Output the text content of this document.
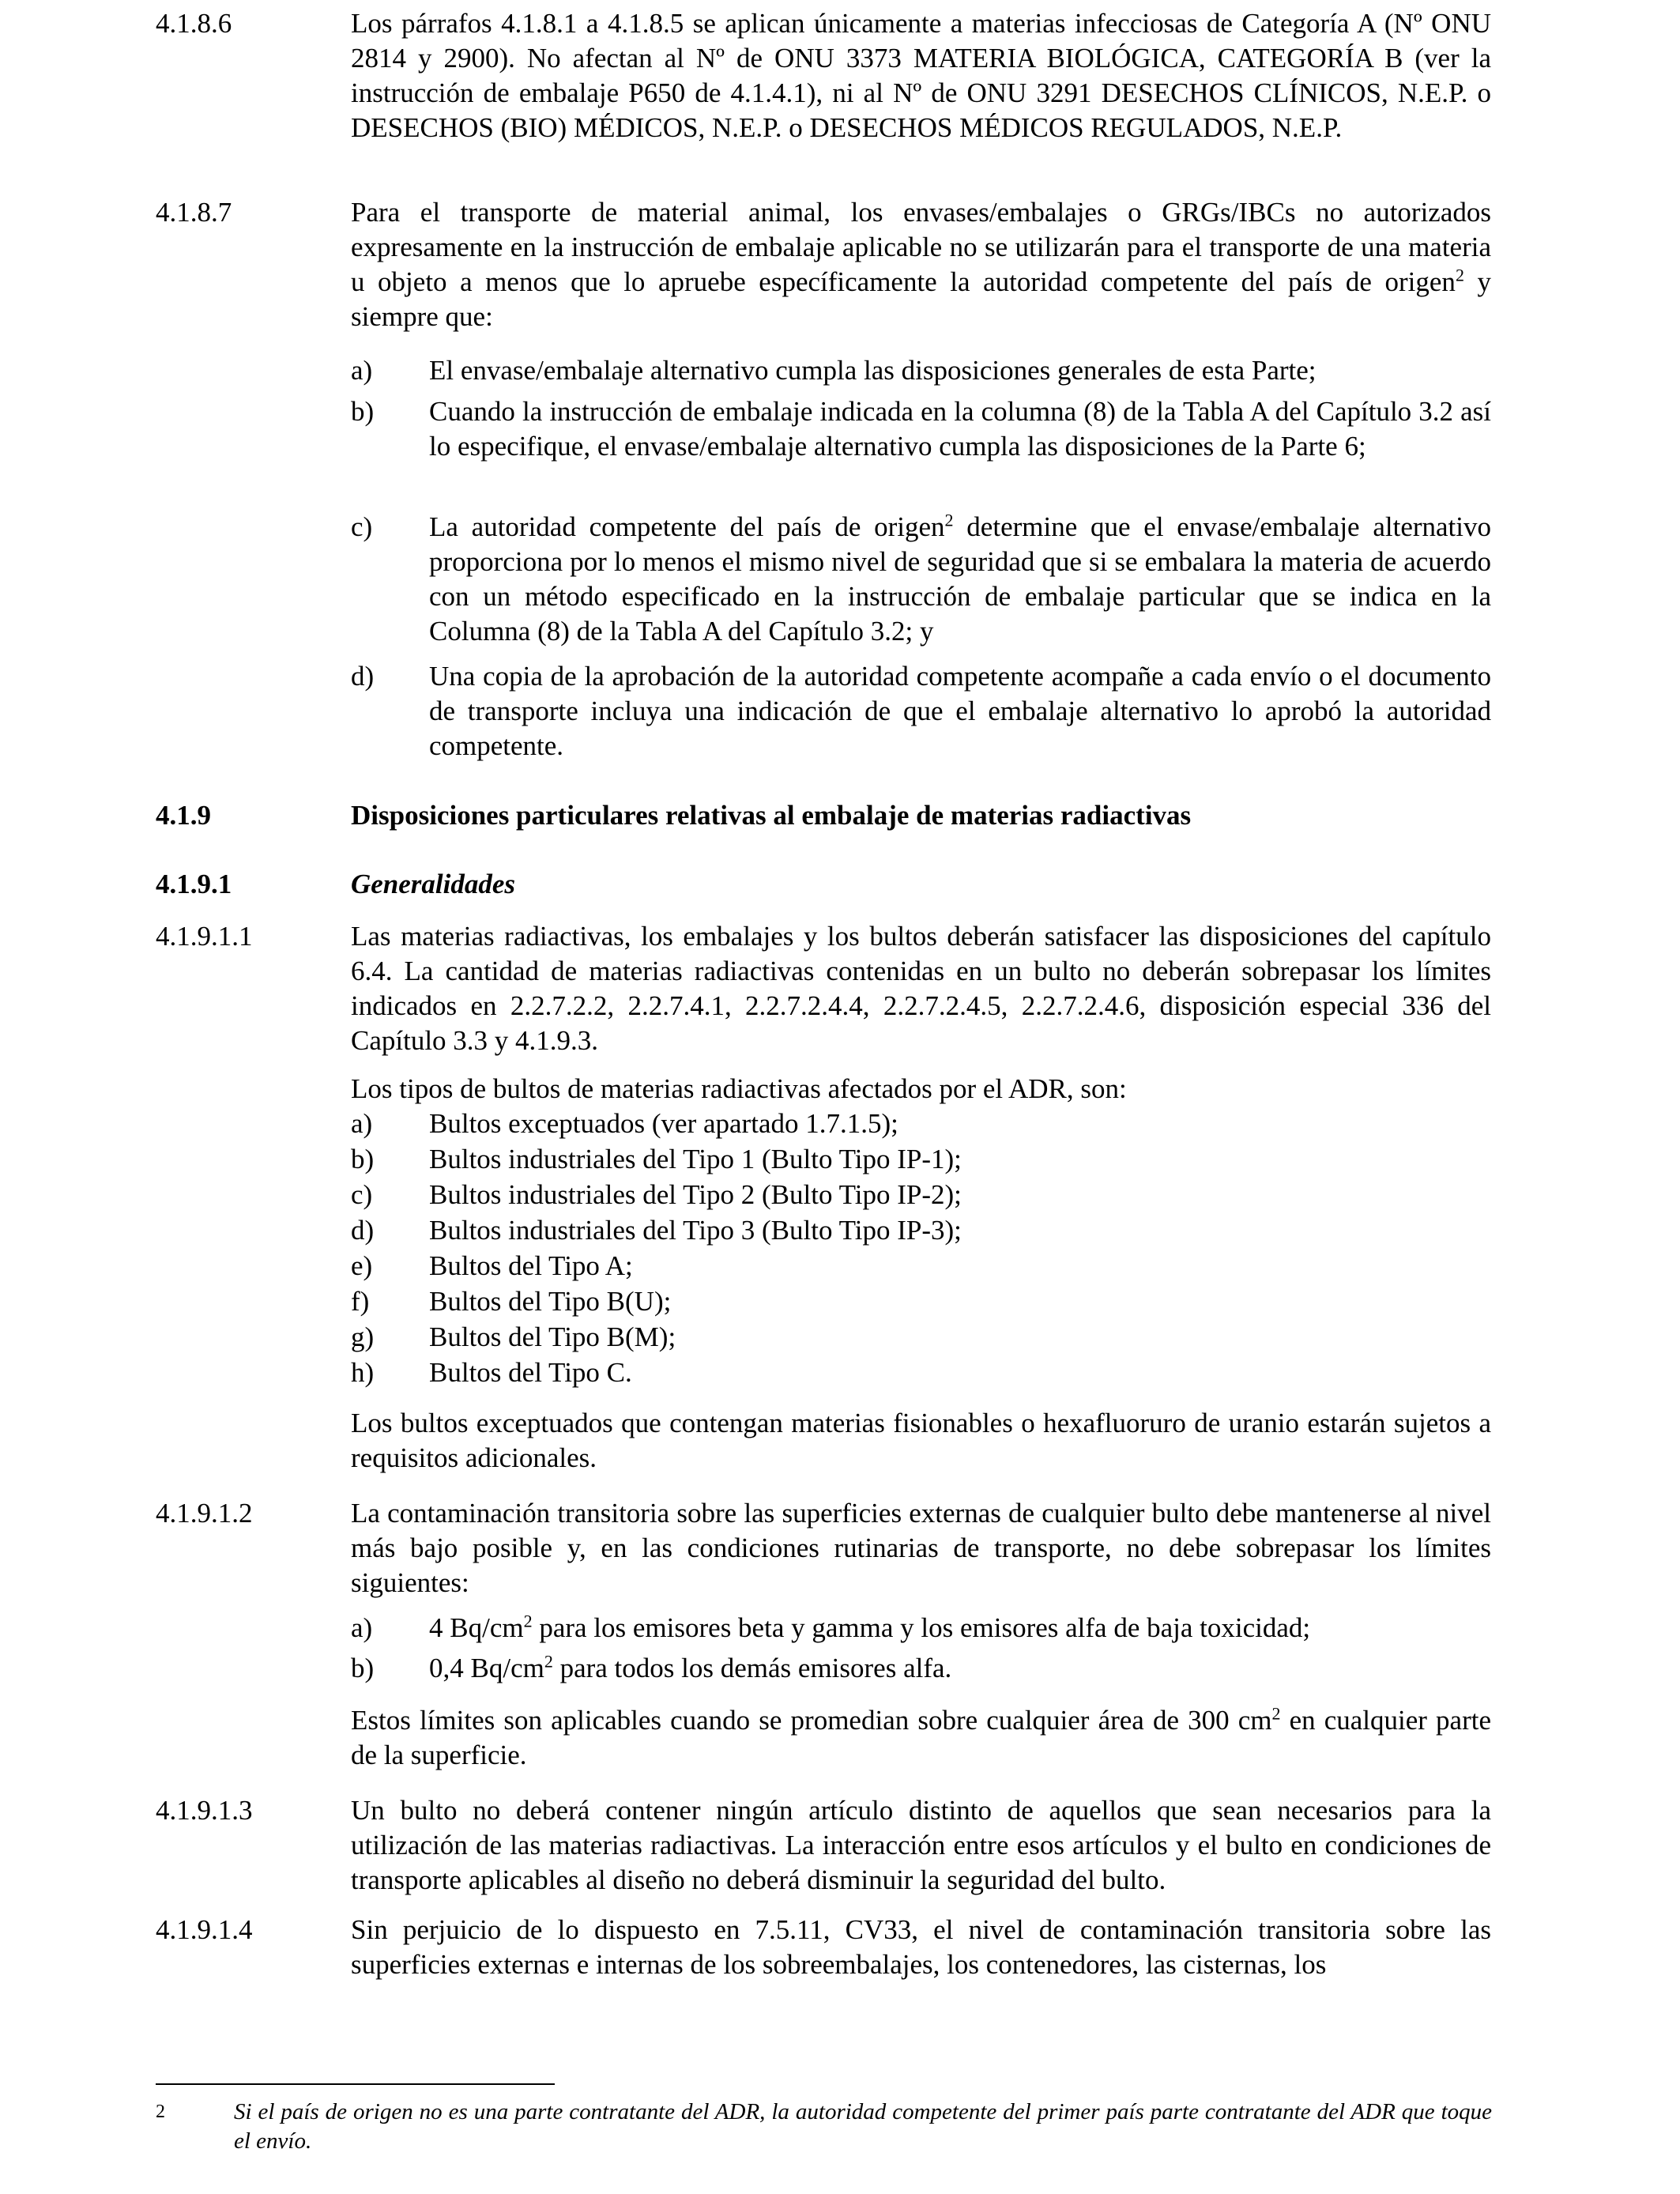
4.1.8.6	Los párrafos 4.1.8.1 a 4.1.8.5 se aplican únicamente a materias infecciosas de Categoría A (Nº ONU 2814 y 2900). No afectan al Nº de ONU 3373 MATERIA BIOLÓGICA, CATEGORÍA B (ver la instrucción de embalaje P650 de 4.1.4.1), ni al Nº de ONU 3291 DESECHOS CLÍNICOS, N.E.P. o DESECHOS (BIO) MÉDICOS, N.E.P. o DESECHOS MÉDICOS REGULADOS, N.E.P.
4.1.8.7	Para el transporte de material animal, los envases/embalajes o GRGs/IBCs no autorizados expresamente en la instrucción de embalaje aplicable no se utilizarán para el transporte de una materia u objeto a menos que lo apruebe específicamente la autoridad competente del país de origen$^2$ y siempre que:
a) El envase/embalaje alternativo cumpla las disposiciones generales de esta Parte;
b) Cuando la instrucción de embalaje indicada en la columna (8) de la Tabla A del Capítulo 3.2 así lo especifique, el envase/embalaje alternativo cumpla las disposiciones de la Parte 6;
c) La autoridad competente del país de origen$^2$ determine que el envase/embalaje alternativo proporciona por lo menos el mismo nivel de seguridad que si se embalara la materia de acuerdo con un método especificado en la instrucción de embalaje particular que se indica en la Columna (8) de la Tabla A del Capítulo 3.2; y
d) Una copia de la aprobación de la autoridad competente acompañe a cada envío o el documento de transporte incluya una indicación de que el embalaje alternativo lo aprobó la autoridad competente.
4.1.9	Disposiciones particulares relativas al embalaje de materias radiactivas
4.1.9.1	Generalidades
4.1.9.1.1	Las materias radiactivas, los embalajes y los bultos deberán satisfacer las disposiciones del capítulo 6.4. La cantidad de materias radiactivas contenidas en un bulto no deberán sobrepasar los límites indicados en 2.2.7.2.2, 2.2.7.4.1, 2.2.7.2.4.4, 2.2.7.2.4.5, 2.2.7.2.4.6, disposición especial 336 del Capítulo 3.3 y 4.1.9.3.
Los tipos de bultos de materias radiactivas afectados por el ADR, son:
a) Bultos exceptuados (ver apartado 1.7.1.5);
b) Bultos industriales del Tipo 1 (Bulto Tipo IP-1);
c) Bultos industriales del Tipo 2 (Bulto Tipo IP-2);
d) Bultos industriales del Tipo 3 (Bulto Tipo IP-3);
e) Bultos del Tipo A;
f) Bultos del Tipo B(U);
g) Bultos del Tipo B(M);
h) Bultos del Tipo C.
Los bultos exceptuados que contengan materias fisionables o hexafluoruro de uranio estarán sujetos a requisitos adicionales.
4.1.9.1.2	La contaminación transitoria sobre las superficies externas de cualquier bulto debe mantenerse al nivel más bajo posible y, en las condiciones rutinarias de transporte, no debe sobrepasar los límites siguientes:
a) 4 $Bq/cm^2$ para los emisores beta y gamma y los emisores alfa de baja toxicidad;
b) 0,4 $Bq/cm^2$ para todos los demás emisores alfa.
Estos límites son aplicables cuando se promedian sobre cualquier área de 300 $cm^2$ en cualquier parte de la superficie.
4.1.9.1.3	Un bulto no deberá contener ningún artículo distinto de aquellos que sean necesarios para la utilización de las materias radiactivas. La interacción entre esos artículos y el bulto en condiciones de transporte aplicables al diseño no deberá disminuir la seguridad del bulto.
4.1.9.1.4	Sin perjuicio de lo dispuesto en 7.5.11, CV33, el nivel de contaminación transitoria sobre las superficies externas e internas de los sobreembalajes, los contenedores, las cisternas, los
2	Si el país de origen no es una parte contratante del ADR, la autoridad competente del primer país parte contratante del ADR que toque el envío.
